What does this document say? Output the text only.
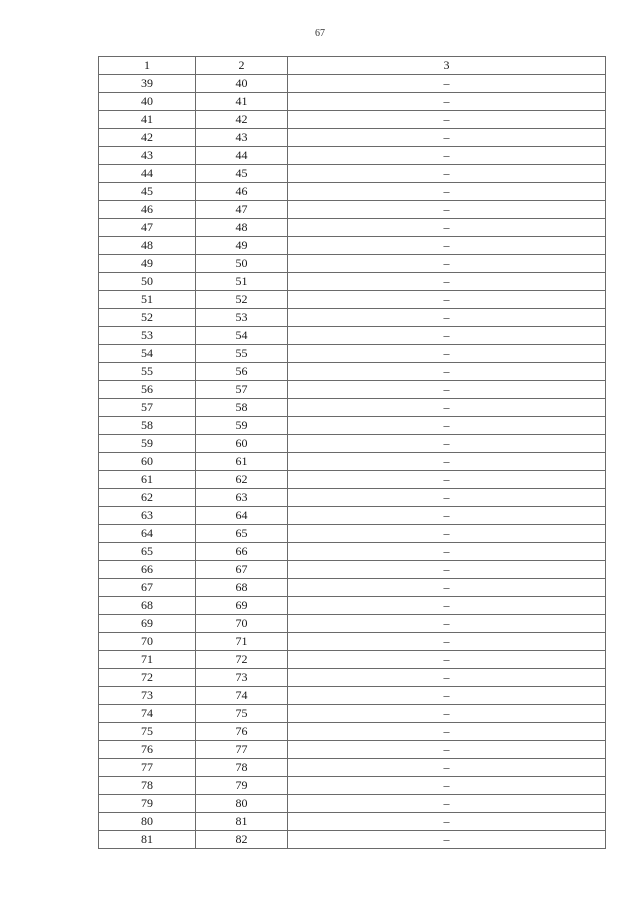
67
1	2	3
39	40	–
40	41	–
41	42	–
42	43	–
43	44	–
44	45	–
45	46	–
46	47	–
47	48	–
48	49	–
49	50	–
50	51	–
51	52	–
52	53	–
53	54	–
54	55	–
55	56	–
56	57	–
57	58	–
58	59	–
59	60	–
60	61	–
61	62	–
62	63	–
63	64	–
64	65	–
65	66	–
66	67	–
67	68	–
68	69	–
69	70	–
70	71	–
71	72	–
72	73	–
73	74	–
74	75	–
75	76	–
76	77	–
77	78	–
78	79	–
79	80	–
80	81	–
81	82	–
